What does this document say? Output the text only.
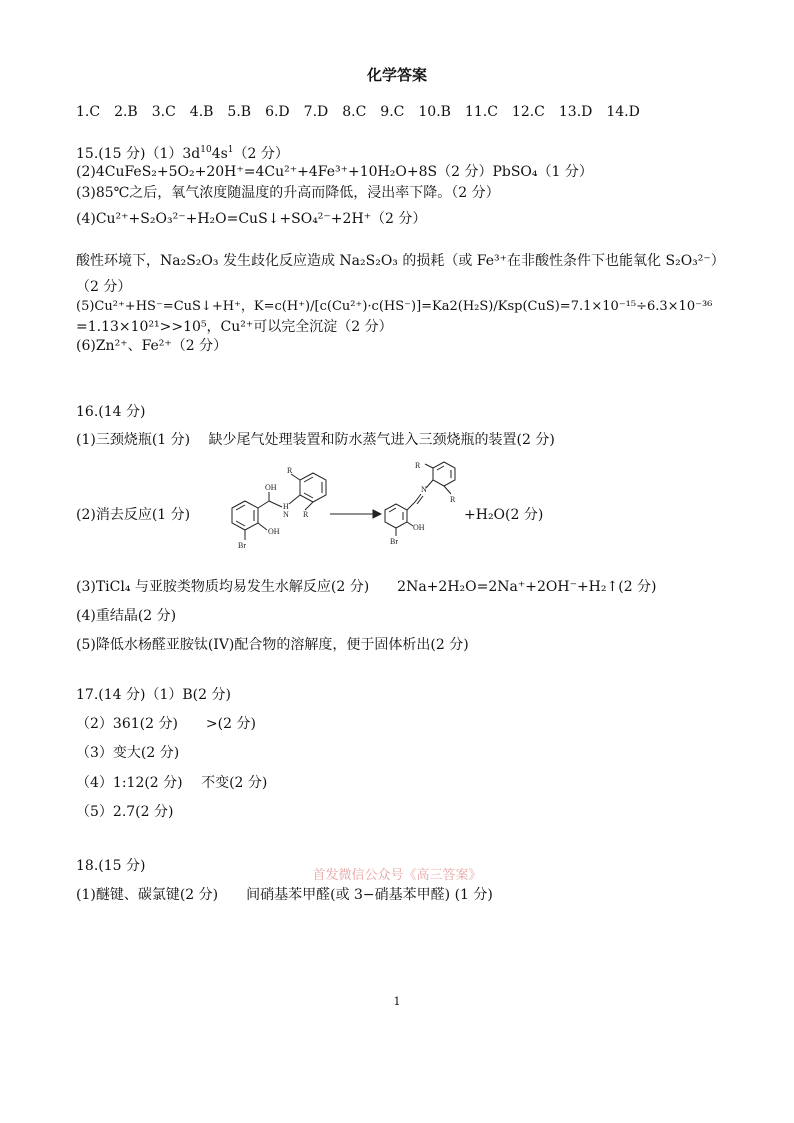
化学答案
1.C　2.B　3.C　4.B　5.B　6.D　7.D　8.C　9.C　10.B　11.C　12.C　13.D　14.D
15.(15 分)$(1)3d^{10}4s^1(2$ 分）
(2)4CuFeS₂+5O₂+20H⁺=4Cu²⁺+4Fe³⁺+10H₂O+8S（2 分）PbSO₄（1 分）
(3)85℃之后，氧气浓度随温度的升高而降低，浸出率下降。（2 分）
(4)Cu²⁺+S₂O₃²⁻+H₂O=CuS↓+SO₄²⁻+2H⁺（2 分）
酸性环境下，Na₂S₂O₃ 发生歧化反应造成 Na₂S₂O₃ 的损耗（或 Fe³⁺在非酸性条件下也能氧化 S₂O₃²⁻）
（2 分）
(5)Cu²⁺+HS⁻=CuS↓+H⁺，K=c(H⁺)/[c(Cu²⁺)·c(HS⁻)]=Ka2(H₂S)/Ksp(CuS)=7.1×10⁻¹⁵÷6.3×10⁻³⁶
=1.13×10²¹>>10⁵，Cu²⁺可以完全沉淀（2 分）
(6)Zn²⁺、Fe²⁺（2 分）
16.(14 分)
(1)三颈烧瓶(1 分)　 缺少尾气处理装置和防水蒸气进入三颈烧瓶的装置(2 分)
(2)消去反应(1 分)
OH
H
N
R
R
OH
Br
N
R
R
OH
Br
+H₂O(2 分)
(3)TiCl₄ 与亚胺类物质均易发生水解反应(2 分)　　2Na+2H₂O=2Na⁺+2OH⁻+H₂↑(2 分)
(4)重结晶(2 分)
(5)降低水杨醛亚胺钛(IV)配合物的溶解度，便于固体析出(2 分)
17.(14 分)（1）B(2 分)
（2）361(2 分)　　>(2 分)
（3）变大(2 分)
（4）1:12(2 分)　 不变(2 分)
（5）2.7(2 分)
18.(15 分)
首发微信公众号《高三答案》
(1)醚键、碳氯键(2 分)　　间硝基苯甲醛(或 3−硝基苯甲醛) (1 分)
1
